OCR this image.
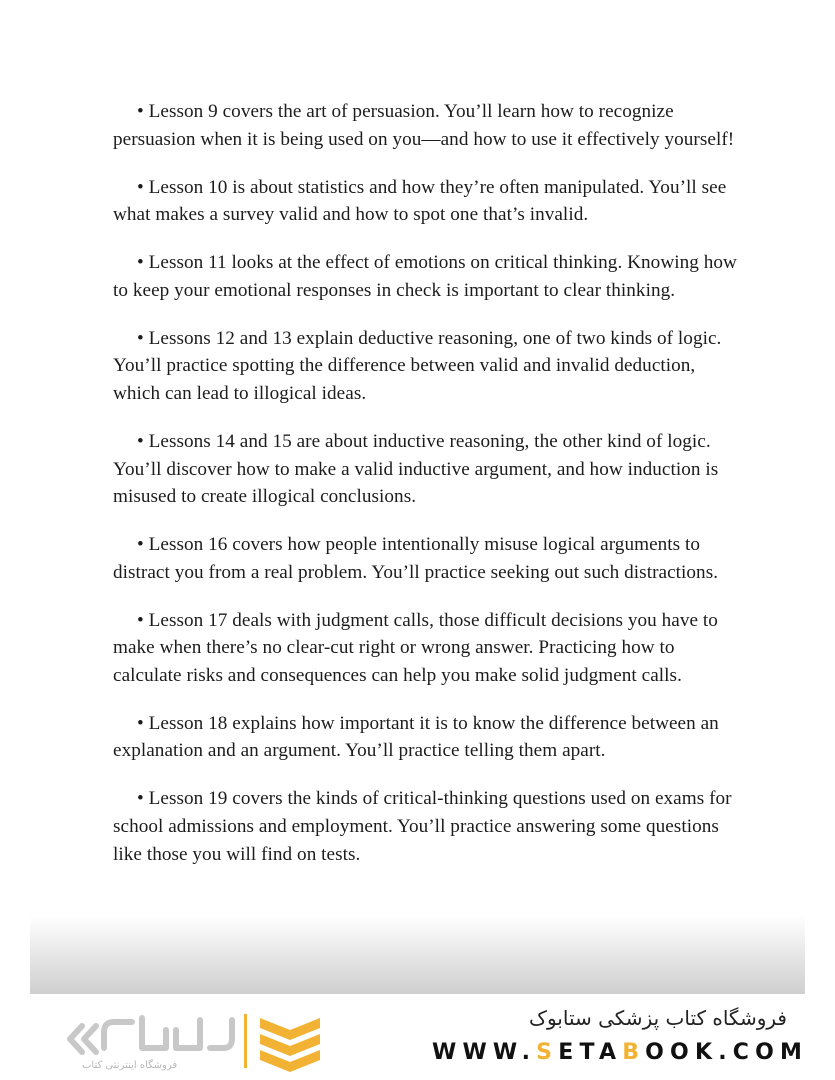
• Lesson 9 covers the art of persuasion. You’ll learn how to recognize persuasion when it is being used on you—and how to use it effectively yourself!

• Lesson 10 is about statistics and how they’re often manipulated. You’ll see what makes a survey valid and how to spot one that’s invalid.

• Lesson 11 looks at the effect of emotions on critical thinking. Knowing how to keep your emotional responses in check is important to clear thinking.

• Lessons 12 and 13 explain deductive reasoning, one of two kinds of logic. You’ll practice spotting the difference between valid and invalid deduction, which can lead to illogical ideas.

• Lessons 14 and 15 are about inductive reasoning, the other kind of logic. You’ll discover how to make a valid inductive argument, and how induction is misused to create illogical conclusions.

• Lesson 16 covers how people intentionally misuse logical arguments to distract you from a real problem. You’ll practice seeking out such distractions.

• Lesson 17 deals with judgment calls, those difficult decisions you have to make when there’s no clear-cut right or wrong answer. Practicing how to calculate risks and consequences can help you make solid judgment calls.

• Lesson 18 explains how important it is to know the difference between an explanation and an argument. You’ll practice telling them apart.

• Lesson 19 covers the kinds of critical-thinking questions used on exams for school admissions and employment. You’ll practice answering some questions like those you will find on tests.

فروشگاه اینترنتی کتاب
فروشگاه کتاب پزشکی ستابوک
WWW.SETABOOK.COM
